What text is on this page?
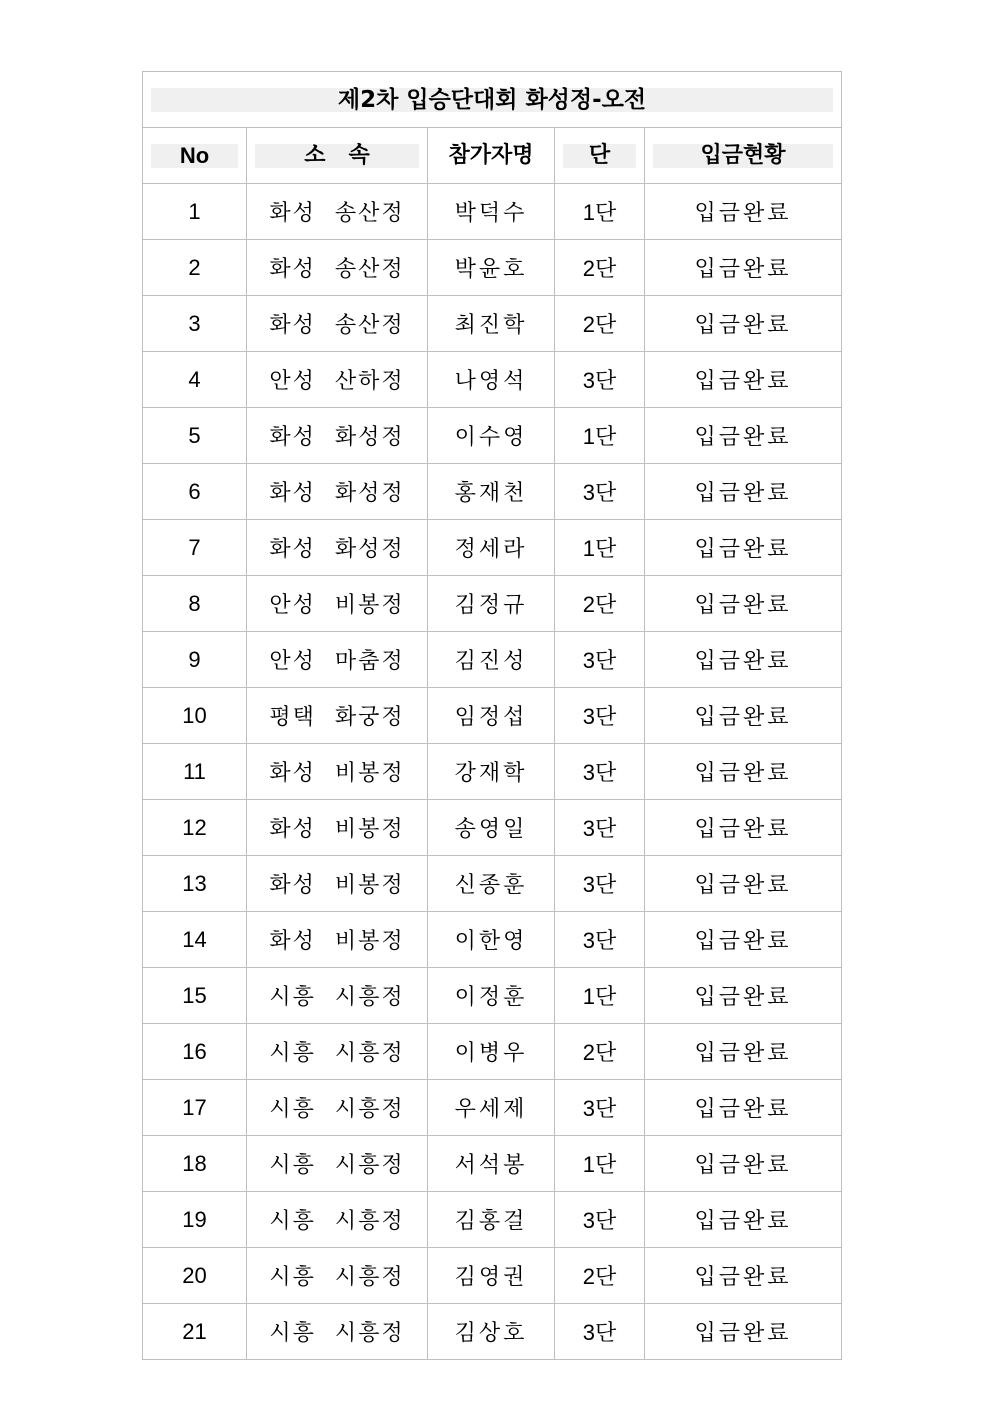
제2차 입승단대회 화성정-오전				

No	소   속	참가자명	단	입금현황

1	화성 송산정	박덕수	1단	입금완료
2	화성 송산정	박윤호	2단	입금완료
3	화성 송산정	최진학	2단	입금완료
4	안성 산하정	나영석	3단	입금완료
5	화성 화성정	이수영	1단	입금완료
6	화성 화성정	홍재천	3단	입금완료
7	화성 화성정	정세라	1단	입금완료
8	안성 비봉정	김정규	2단	입금완료
9	안성 마춤정	김진성	3단	입금완료
10	평택 화궁정	임정섭	3단	입금완료
11	화성 비봉정	강재학	3단	입금완료
12	화성 비봉정	송영일	3단	입금완료
13	화성 비봉정	신종훈	3단	입금완료
14	화성 비봉정	이한영	3단	입금완료
15	시흥 시흥정	이정훈	1단	입금완료
16	시흥 시흥정	이병우	2단	입금완료
17	시흥 시흥정	우세제	3단	입금완료
18	시흥 시흥정	서석봉	1단	입금완료
19	시흥 시흥정	김홍걸	3단	입금완료
20	시흥 시흥정	김영권	2단	입금완료
21	시흥 시흥정	김상호	3단	입금완료
